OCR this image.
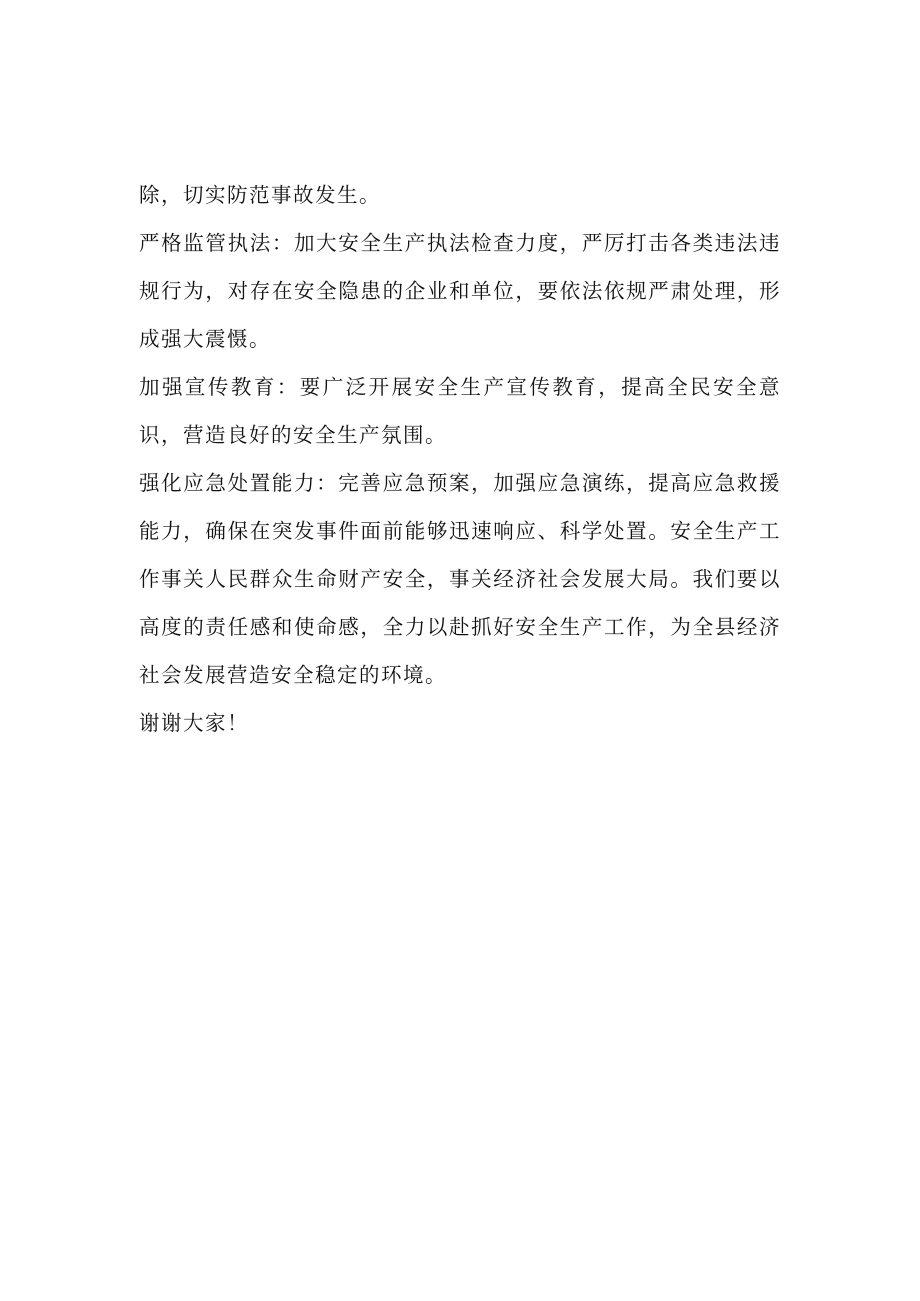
除，切实防范事故发生。

严格监管执法：加大安全生产执法检查力度，严厉打击各类违法违规行为，对存在安全隐患的企业和单位，要依法依规严肃处理，形成强大震慑。

加强宣传教育：要广泛开展安全生产宣传教育，提高全民安全意识，营造良好的安全生产氛围。

强化应急处置能力：完善应急预案，加强应急演练，提高应急救援能力，确保在突发事件面前能够迅速响应、科学处置。安全生产工作事关人民群众生命财产安全，事关经济社会发展大局。我们要以高度的责任感和使命感，全力以赴抓好安全生产工作，为全县经济社会发展营造安全稳定的环境。

谢谢大家！
